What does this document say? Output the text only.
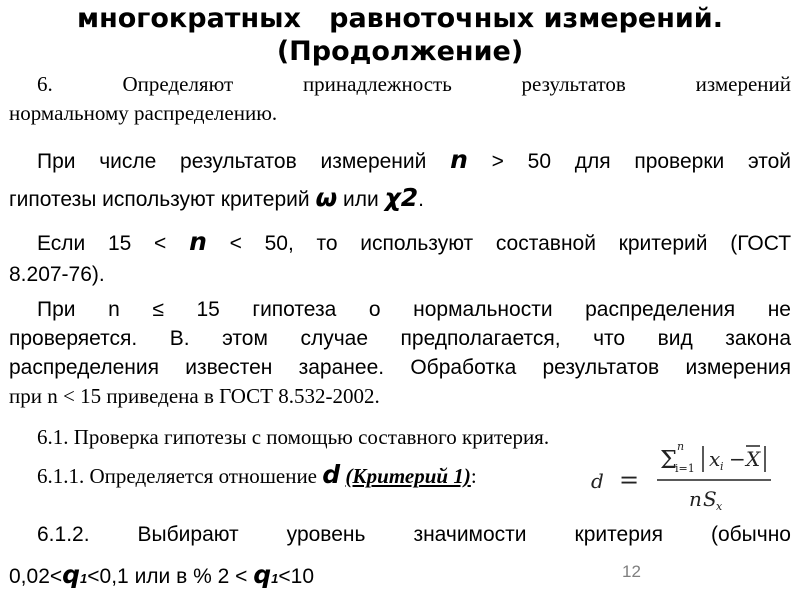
многократных   равноточных измерений.
(Продолжение)
6. Определяют принадлежность результатов измерений
нормальному распределению.
При числе результатов измерений n > 50 для проверки этой
гипотезы используют критерий ω или χ2.
Если 15 < n < 50, то используют составной критерий (ГОСТ
8.207-76).
При n ≤ 15 гипотеза о нормальности распределения не
проверяется. В. этом случае предполагается, что вид закона
распределения известен заранее. Обработка результатов измерения
при n < 15 приведена в ГОСТ 8.532-2002.
6.1. Проверка гипотезы с помощью составного критерия.
6.1.1. Определяется отношение d (Критерий 1):
6.1.2. Выбирают уровень значимости критерия (обычно
0,02<q1<0,1 или в % 2 < q1<10
d =
Σ n
i=1 x i − X
n S x
12
